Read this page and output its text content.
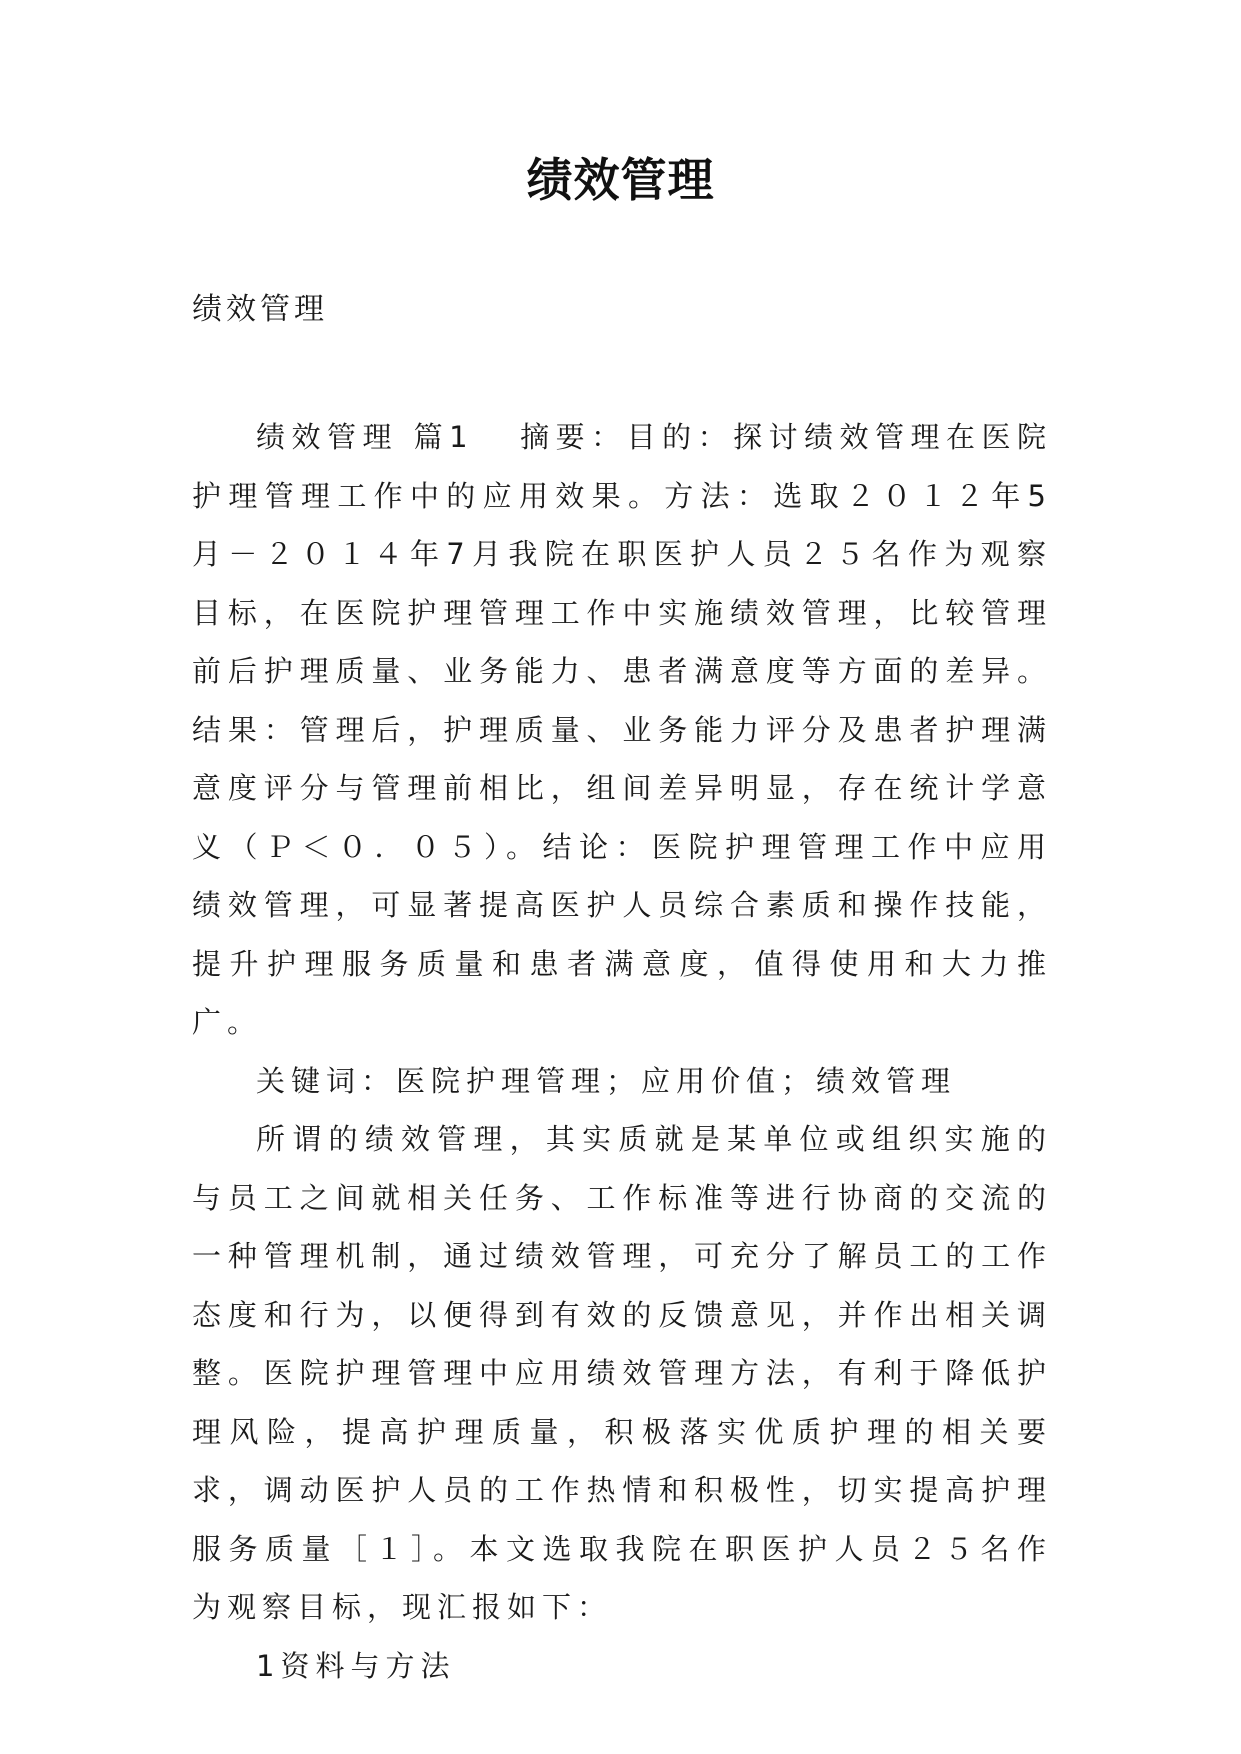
绩效管理
绩效管理

绩效管理 篇1 摘要：目的：探讨绩效管理在医院护理管理工作中的应用效果。方法：选取２０１２年5月－２０１４年7月我院在职医护人员２５名作为观察目标，在医院护理管理工作中实施绩效管理，比较管理前后护理质量、业务能力、患者满意度等方面的差异。结果：管理后，护理质量、业务能力评分及患者护理满意度评分与管理前相比，组间差异明显，存在统计学意义（Ｐ＜０．０５）。结论：医院护理管理工作中应用绩效管理，可显著提高医护人员综合素质和操作技能，提升护理服务质量和患者满意度，值得使用和大力推广。

关键词：医院护理管理；应用价值；绩效管理

所谓的绩效管理，其实质就是某单位或组织实施的与员工之间就相关任务、工作标准等进行协商的交流的一种管理机制，通过绩效管理，可充分了解员工的工作态度和行为，以便得到有效的反馈意见，并作出相关调整。医院护理管理中应用绩效管理方法，有利于降低护理风险，提高护理质量，积极落实优质护理的相关要求，调动医护人员的工作热情和积极性，切实提高护理服务质量［１］。本文选取我院在职医护人员２５名作为观察目标，现汇报如下：

1资料与方法
